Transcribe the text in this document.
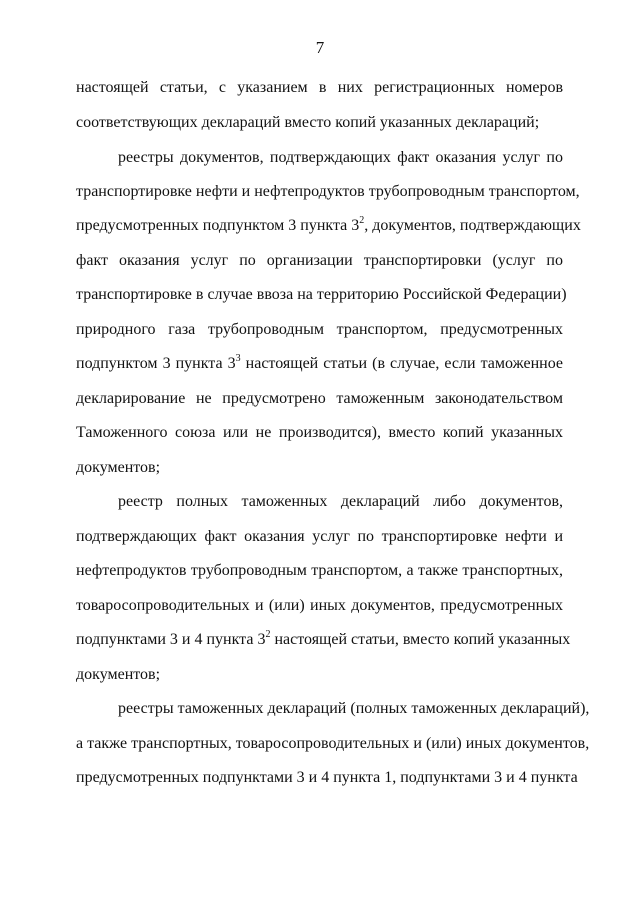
7
настоящей статьи, с указанием в них регистрационных номеров
соответствующих деклараций вместо копий указанных деклараций;
реестры документов, подтверждающих факт оказания услуг по
транспортировке нефти и нефтепродуктов трубопроводным транспортом,
предусмотренных подпунктом 3 пункта $3^2$, документов, подтверждающих
факт оказания услуг по организации транспортировки (услуг по
транспортировке в случае ввоза на территорию Российской Федерации)
природного газа трубопроводным транспортом, предусмотренных
подпунктом 3 пункта $3^3$ настоящей статьи (в случае, если таможенное
декларирование не предусмотрено таможенным законодательством
Таможенного союза или не производится), вместо копий указанных
документов;
реестр полных таможенных деклараций либо документов,
подтверждающих факт оказания услуг по транспортировке нефти и
нефтепродуктов трубопроводным транспортом, а также транспортных,
товаросопроводительных и (или) иных документов, предусмотренных
подпунктами 3 и 4 пункта $3^2$ настоящей статьи, вместо копий указанных
документов;
реестры таможенных деклараций (полных таможенных деклараций),
а также транспортных, товаросопроводительных и (или) иных документов,
предусмотренных подпунктами 3 и 4 пункта 1, подпунктами 3 и 4 пункта
